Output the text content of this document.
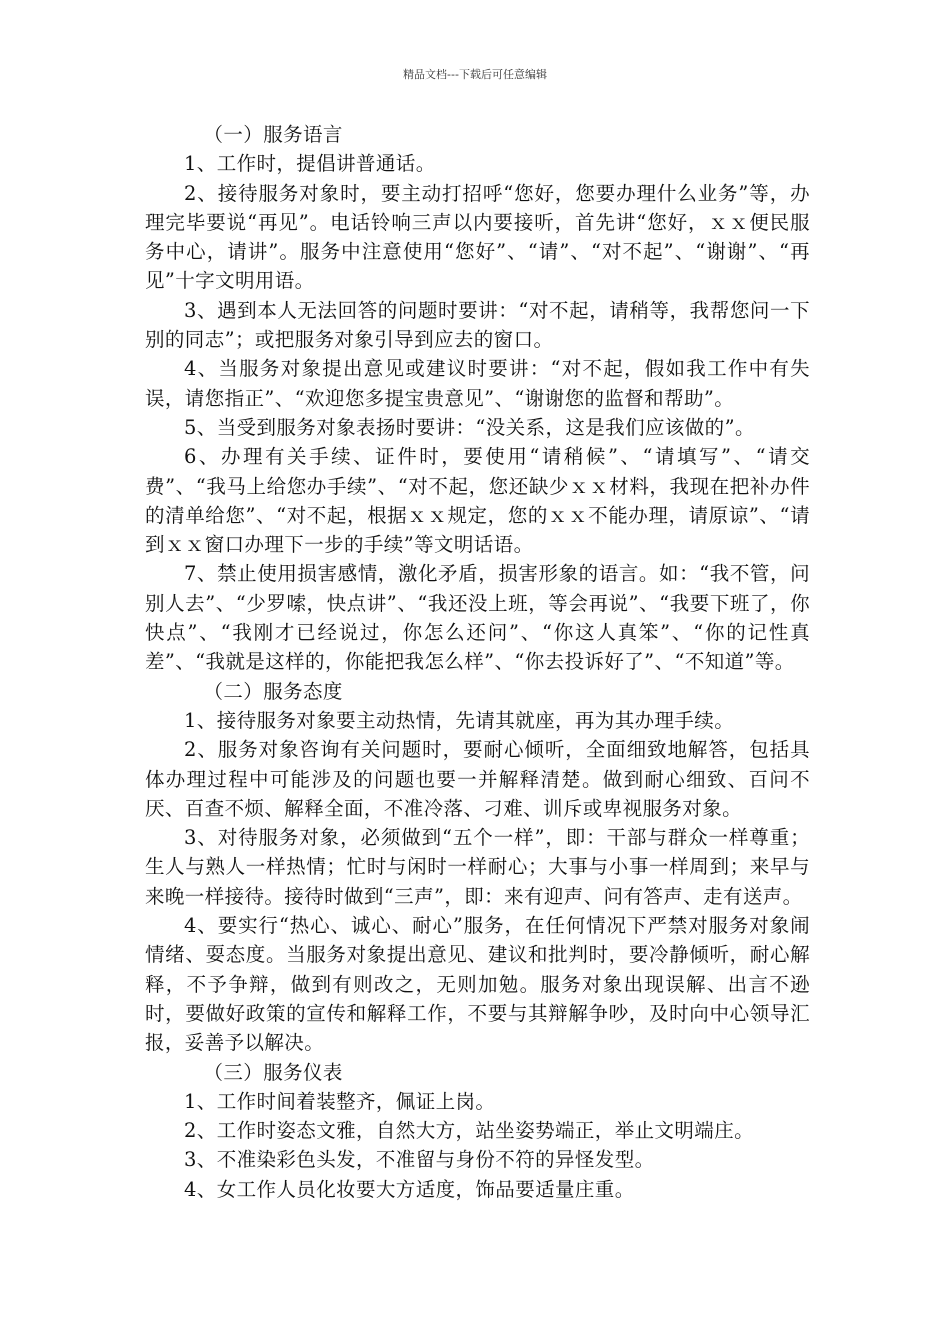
精品文档---下载后可任意编辑

（一）服务语言

1、工作时，提倡讲普通话。

2、接待服务对象时，要主动打招呼“您好，您要办理什么业务”等，办理完毕要说“再见”。电话铃响三声以内要接听，首先讲“您好，ｘｘ便民服务中心，请讲”。服务中注意使用“您好”、“请”、“对不起”、“谢谢”、“再见”十字文明用语。

3、遇到本人无法回答的问题时要讲：“对不起，请稍等，我帮您问一下别的同志”；或把服务对象引导到应去的窗口。

4、当服务对象提出意见或建议时要讲：“对不起，假如我工作中有失误，请您指正”、“欢迎您多提宝贵意见”、“谢谢您的监督和帮助”。

5、当受到服务对象表扬时要讲：“没关系，这是我们应该做的”。

6、办理有关手续、证件时，要使用“请稍候”、“请填写”、“请交费”、“我马上给您办手续”、“对不起，您还缺少ｘｘ材料，我现在把补办件的清单给您”、“对不起，根据ｘｘ规定，您的ｘｘ不能办理，请原谅”、“请到ｘｘ窗口办理下一步的手续”等文明话语。

7、禁止使用损害感情，激化矛盾，损害形象的语言。如：“我不管，问别人去”、“少罗嗦，快点讲”、“我还没上班，等会再说”、“我要下班了，你快点”、“我刚才已经说过，你怎么还问”、“你这人真笨”、“你的记性真差”、“我就是这样的，你能把我怎么样”、“你去投诉好了”、“不知道”等。

（二）服务态度

1、接待服务对象要主动热情，先请其就座，再为其办理手续。

2、服务对象咨询有关问题时，要耐心倾听，全面细致地解答，包括具体办理过程中可能涉及的问题也要一并解释清楚。做到耐心细致、百问不厌、百查不烦、解释全面，不准冷落、刁难、训斥或卑视服务对象。

3、对待服务对象，必须做到“五个一样”，即：干部与群众一样尊重；生人与熟人一样热情；忙时与闲时一样耐心；大事与小事一样周到；来早与来晚一样接待。接待时做到“三声”，即：来有迎声、问有答声、走有送声。

4、要实行“热心、诚心、耐心”服务，在任何情况下严禁对服务对象闹情绪、耍态度。当服务对象提出意见、建议和批判时，要冷静倾听，耐心解释，不予争辩，做到有则改之，无则加勉。服务对象出现误解、出言不逊时，要做好政策的宣传和解释工作，不要与其辩解争吵，及时向中心领导汇报，妥善予以解决。

（三）服务仪表

1、工作时间着装整齐，佩证上岗。

2、工作时姿态文雅，自然大方，站坐姿势端正，举止文明端庄。

3、不准染彩色头发，不准留与身份不符的异怪发型。

4、女工作人员化妆要大方适度，饰品要适量庄重。
